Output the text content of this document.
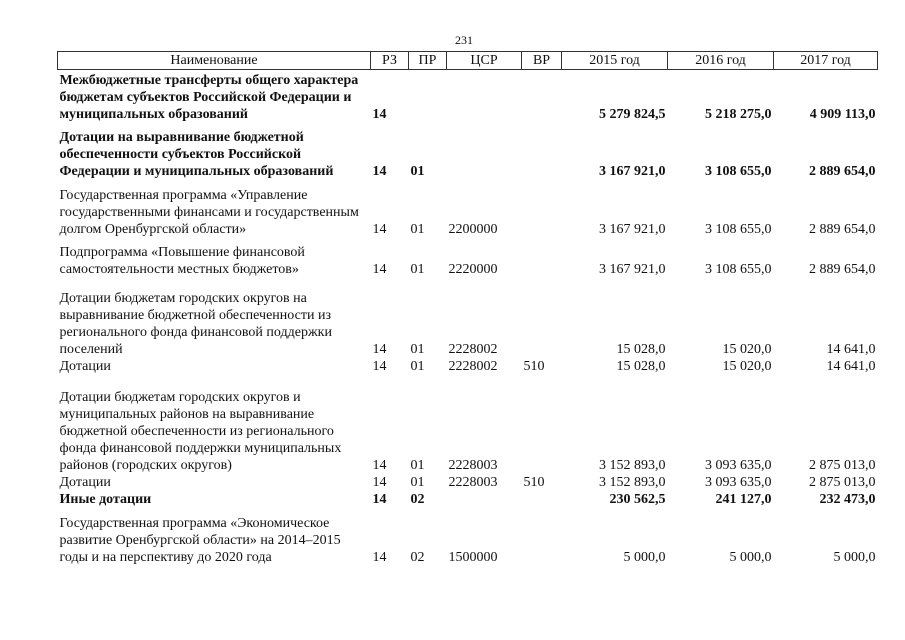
231
Наименование	РЗ	ПР	ЦСР	ВР	2015 год	2016 год	2017 год
Межбюджетные трансферты общего характера бюджетам субъектов Российской Федерации и муниципальных образований	14				5 279 824,5	5 218 275,0	4 909 113,0
Дотации на выравнивание бюджетной обеспеченности субъектов Российской Федерации и муниципальных образований	14	01			3 167 921,0	3 108 655,0	2 889 654,0
Государственная программа «Управление государственными финансами и государственным долгом Оренбургской области»	14	01	2200000		3 167 921,0	3 108 655,0	2 889 654,0
Подпрограмма «Повышение финансовой самостоятельности местных бюджетов»	14	01	2220000		3 167 921,0	3 108 655,0	2 889 654,0
Дотации бюджетам городских округов на выравнивание бюджетной обеспеченности из регионального фонда финансовой поддержки поселений	14	01	2228002		15 028,0	15 020,0	14 641,0
Дотации	14	01	2228002	510	15 028,0	15 020,0	14 641,0
Дотации бюджетам городских округов и муниципальных районов на выравнивание бюджетной обеспеченности из регионального фонда финансовой поддержки муниципальных районов (городских округов)	14	01	2228003		3 152 893,0	3 093 635,0	2 875 013,0
Дотации	14	01	2228003	510	3 152 893,0	3 093 635,0	2 875 013,0
Иные дотации	14	02			230 562,5	241 127,0	232 473,0
Государственная программа «Экономическое развитие Оренбургской области» на 2014–2015 годы и на перспективу до 2020 года	14	02	1500000		5 000,0	5 000,0	5 000,0
